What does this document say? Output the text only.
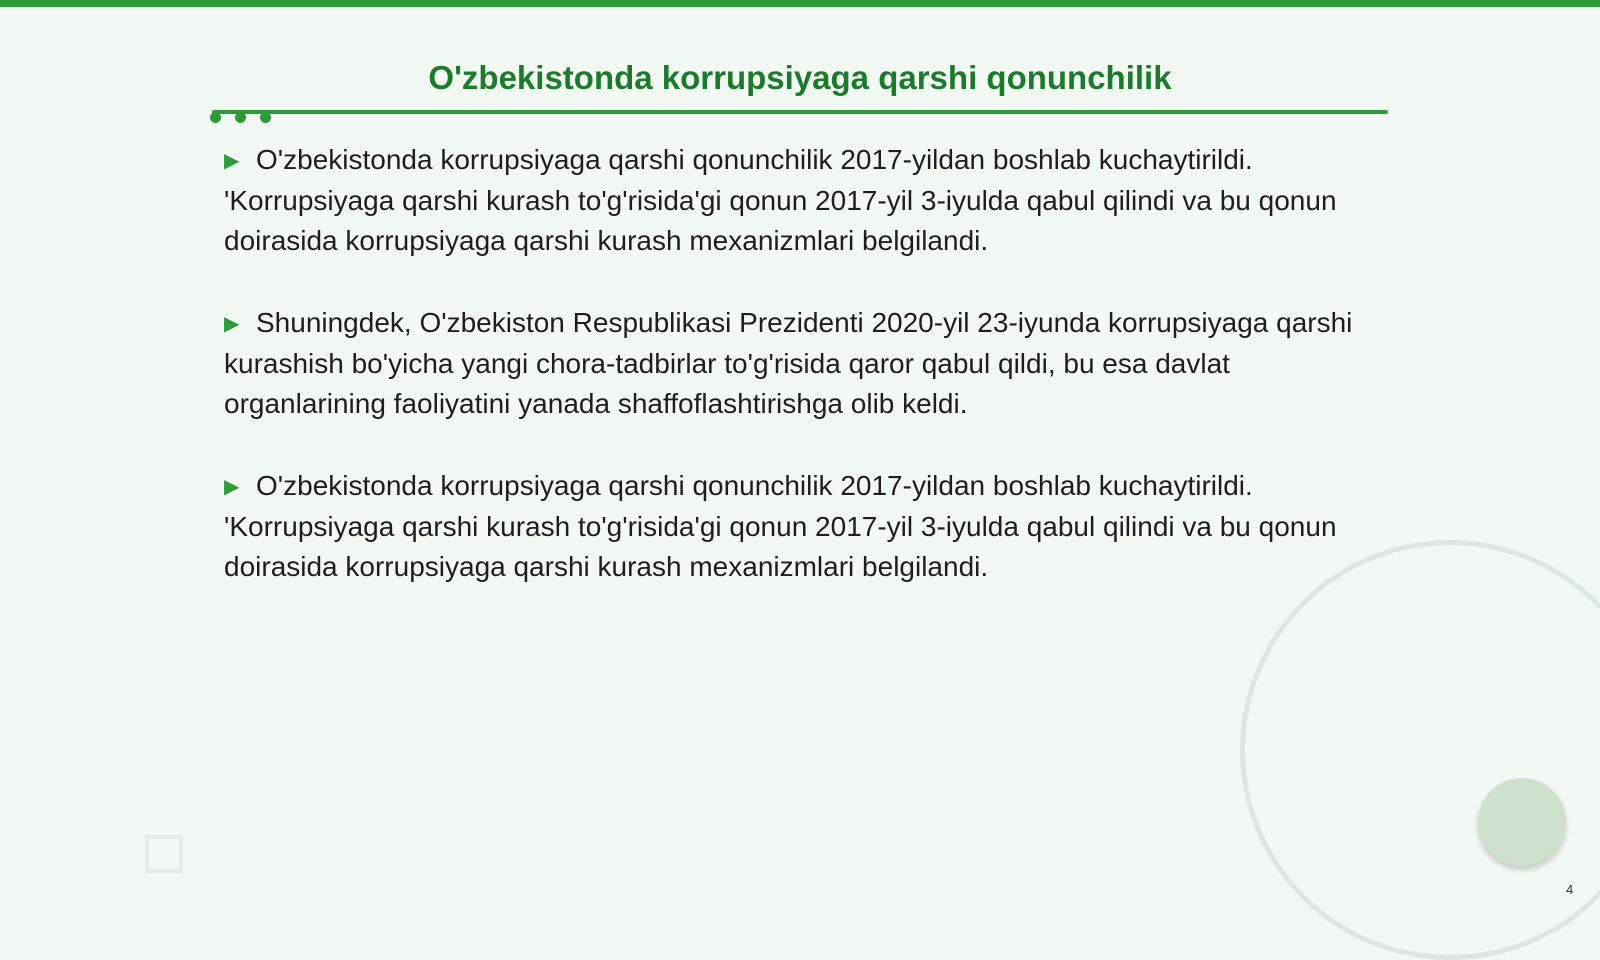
O'zbekistonda korrupsiyaga qarshi qonunchilik

▶ O'zbekistonda korrupsiyaga qarshi qonunchilik 2017-yildan boshlab kuchaytirildi. 'Korrupsiyaga qarshi kurash to'g'risida'gi qonun 2017-yil 3-iyulda qabul qilindi va bu qonun doirasida korrupsiyaga qarshi kurash mexanizmlari belgilandi.

▶ Shuningdek, O'zbekiston Respublikasi Prezidenti 2020-yil 23-iyunda korrupsiyaga qarshi kurashish bo'yicha yangi chora-tadbirlar to'g'risida qaror qabul qildi, bu esa davlat organlarining faoliyatini yanada shaffoflashtirishga olib keldi.

▶ O'zbekistonda korrupsiyaga qarshi qonunchilik 2017-yildan boshlab kuchaytirildi. 'Korrupsiyaga qarshi kurash to'g'risida'gi qonun 2017-yil 3-iyulda qabul qilindi va bu qonun doirasida korrupsiyaga qarshi kurash mexanizmlari belgilandi.

4
